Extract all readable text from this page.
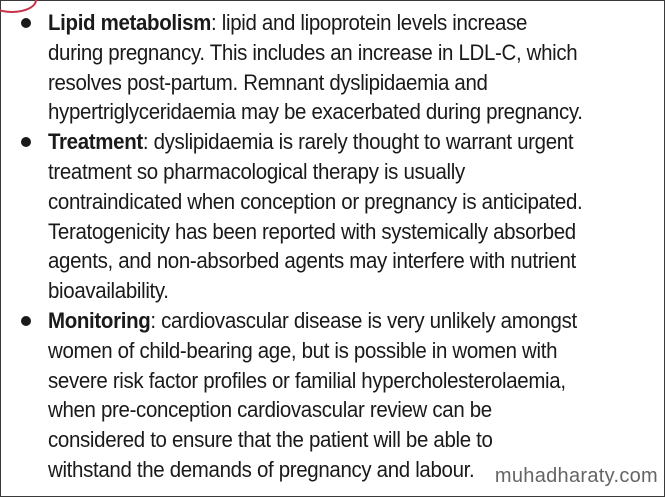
Lipid metabolism: lipid and lipoprotein levels increase
during pregnancy. This includes an increase in LDL-C, which
resolves post-partum. Remnant dyslipidaemia and
hypertriglyceridaemia may be exacerbated during pregnancy.
Treatment: dyslipidaemia is rarely thought to warrant urgent
treatment so pharmacological therapy is usually
contraindicated when conception or pregnancy is anticipated.
Teratogenicity has been reported with systemically absorbed
agents, and non-absorbed agents may interfere with nutrient
bioavailability.
Monitoring: cardiovascular disease is very unlikely amongst
women of child-bearing age, but is possible in women with
severe risk factor profiles or familial hypercholesterolaemia,
when pre-conception cardiovascular review can be
considered to ensure that the patient will be able to
withstand the demands of pregnancy and labour.	muhadharaty.com
